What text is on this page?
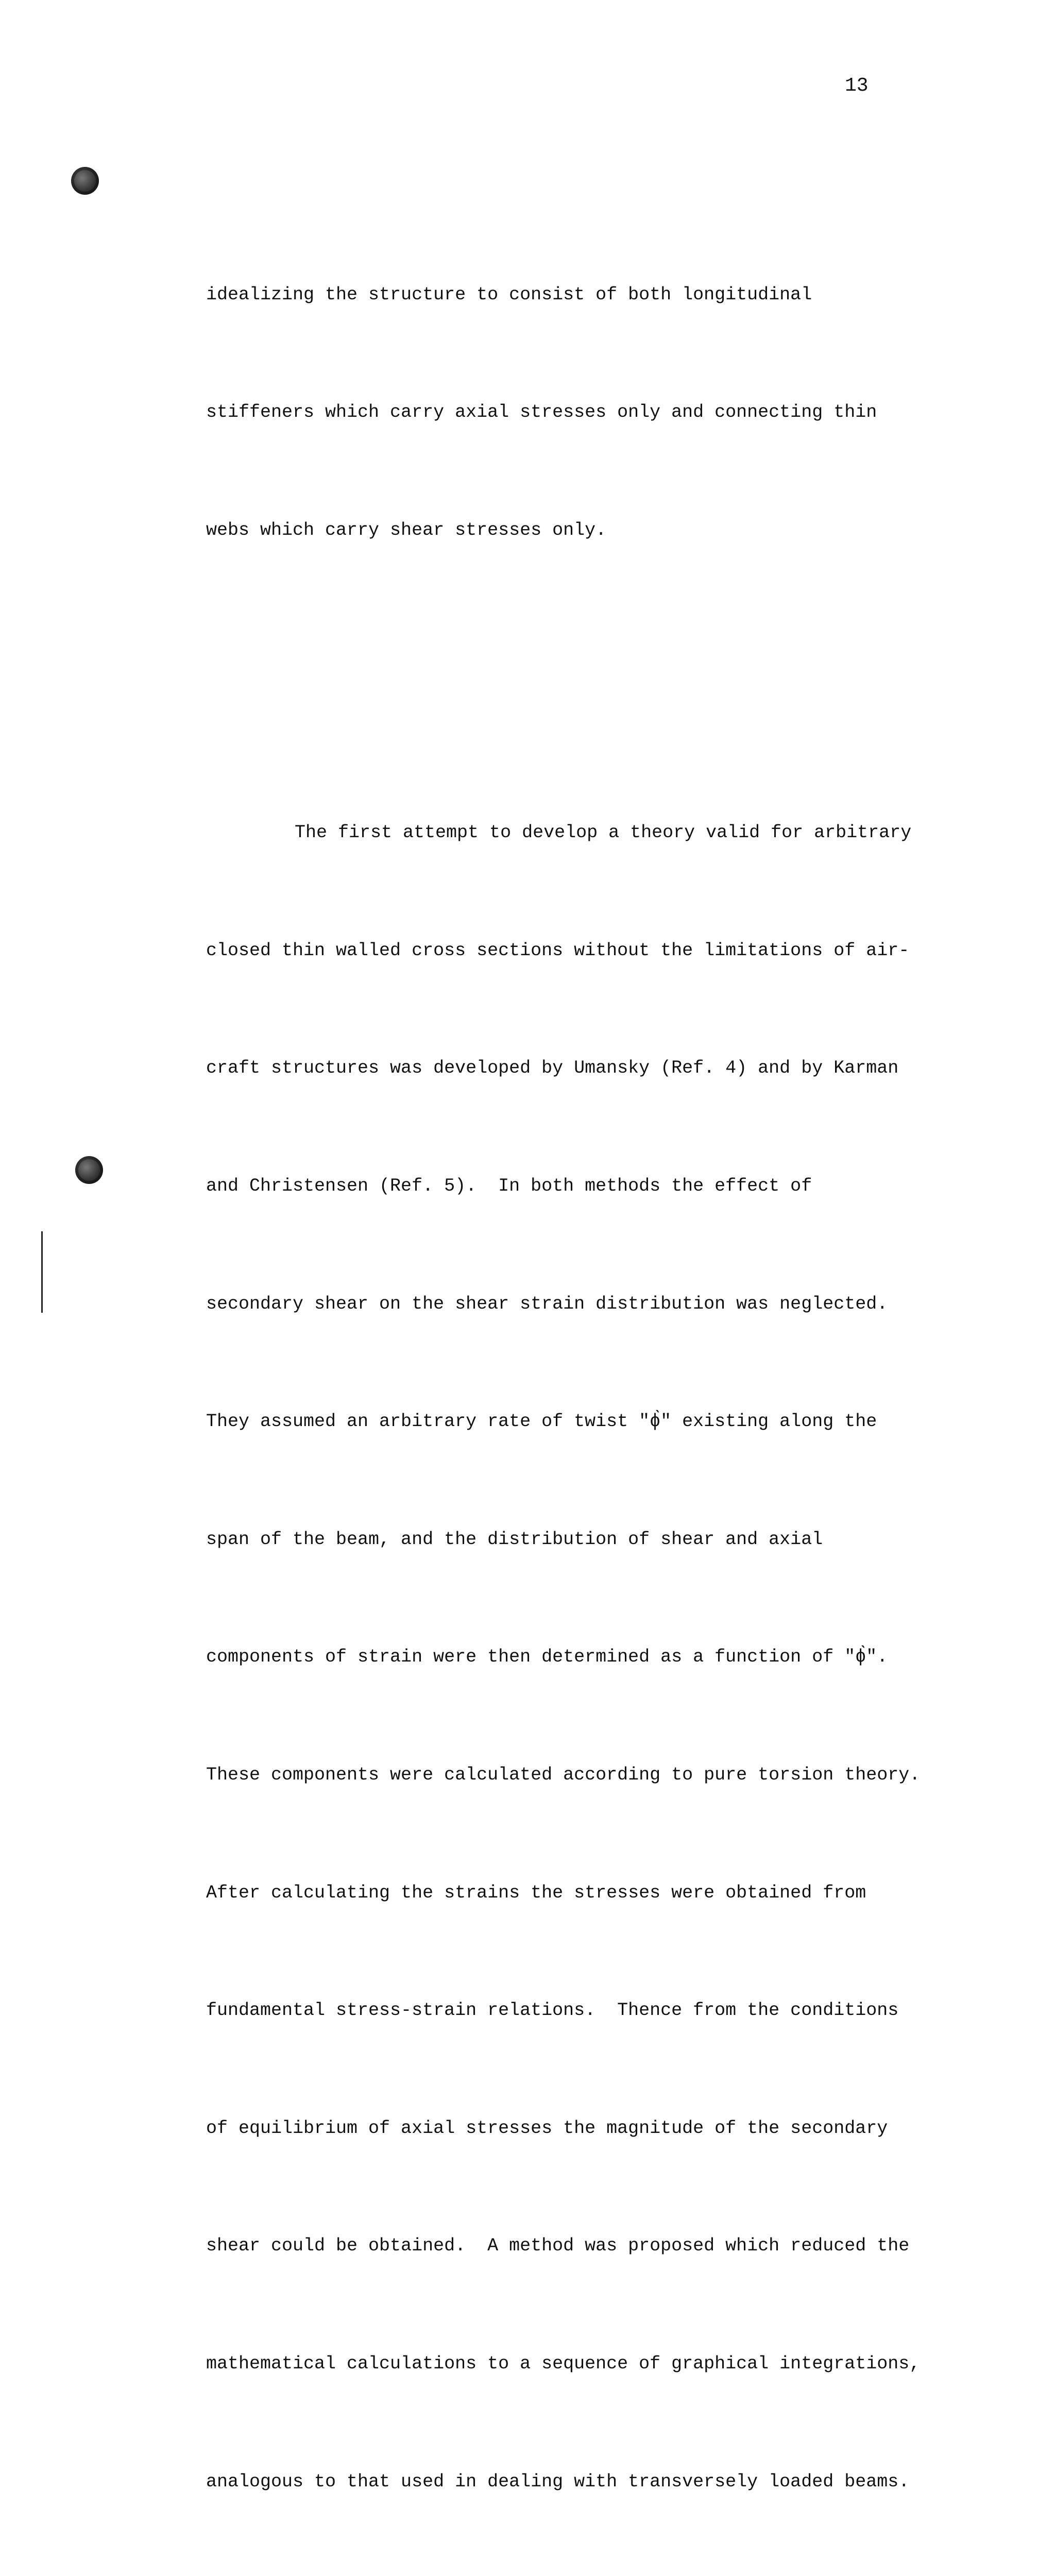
13

idealizing the structure to consist of both longitudinal

stiffeners which carry axial stresses only and connecting thin

webs which carry shear stresses only.

The first attempt to develop a theory valid for arbitrary

closed thin walled cross sections without the limitations of air-

craft structures was developed by Umansky (Ref. 4) and by Karman

and Christensen (Ref. 5).  In both methods the effect of

secondary shear on the shear strain distribution was neglected.

They assumed an arbitrary rate of twist "ɸ̀" existing along the

span of the beam, and the distribution of shear and axial

components of strain were then determined as a function of "ɸ̀".

These components were calculated according to pure torsion theory.

After calculating the strains the stresses were obtained from

fundamental stress-strain relations.  Thence from the conditions

of equilibrium of axial stresses the magnitude of the secondary

shear could be obtained.  A method was proposed which reduced the

mathematical calculations to a sequence of graphical integrations,

analogous to that used in dealing with transversely loaded beams.
